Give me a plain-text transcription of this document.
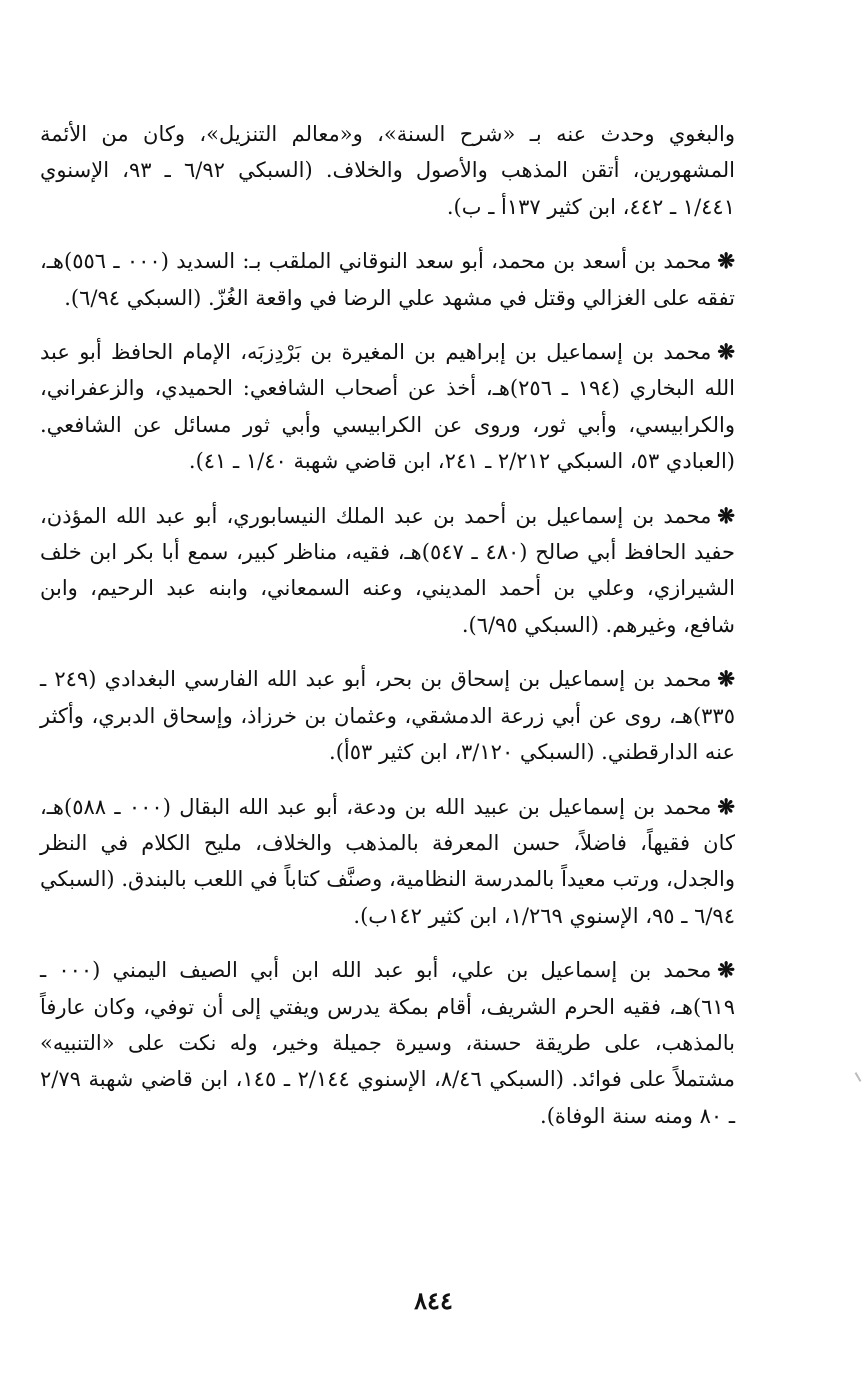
والبغوي وحدث عنه بـ «شرح السنة»، و«معالم التنزيل»، وكان من الأئمة المشهورين، أتقن المذهب والأصول والخلاف. (السبكي ٦/٩٢ ـ ٩٣، الإسنوي ١/٤٤١ ـ ٤٤٢، ابن كثير ١٣٧أ ـ ب).

❋محمد بن أسعد بن محمد، أبو سعد النوقاني الملقب بـ: السديد (٠٠٠ ـ ٥٥٦)هـ، تفقه على الغزالي وقتل في مشهد علي الرضا في واقعة الغُزّ. (السبكي ٦/٩٤).

❋محمد بن إسماعيل بن إبراهيم بن المغيرة بن بَرْدِزبَه، الإمام الحافظ أبو عبد الله البخاري (١٩٤ ـ ٢٥٦)هـ، أخذ عن أصحاب الشافعي: الحميدي، والزعفراني، والكرابيسي، وأبي ثور، وروى عن الكرابيسي وأبي ثور مسائل عن الشافعي. (العبادي ٥٣، السبكي ٢/٢١٢ ـ ٢٤١، ابن قاضي شهبة ١/٤٠ ـ ٤١).

❋محمد بن إسماعيل بن أحمد بن عبد الملك النيسابوري، أبو عبد الله المؤذن، حفيد الحافظ أبي صالح (٤٨٠ ـ ٥٤٧)هـ، فقيه، مناظر كبير، سمع أبا بكر ابن خلف الشيرازي، وعلي بن أحمد المديني، وعنه السمعاني، وابنه عبد الرحيم، وابن شافع، وغيرهم. (السبكي ٦/٩٥).

❋محمد بن إسماعيل بن إسحاق بن بحر، أبو عبد الله الفارسي البغدادي (٢٤٩ ـ ٣٣٥)هـ، روى عن أبي زرعة الدمشقي، وعثمان بن خرزاذ، وإسحاق الدبري، وأكثر عنه الدارقطني. (السبكي ٣/١٢٠، ابن كثير ٥٣أ).

❋محمد بن إسماعيل بن عبيد الله بن ودعة، أبو عبد الله البقال (٠٠٠ ـ ٥٨٨)هـ، كان فقيهاً، فاضلاً، حسن المعرفة بالمذهب والخلاف، مليح الكلام في النظر والجدل، ورتب معيداً بالمدرسة النظامية، وصنَّف كتاباً في اللعب بالبندق. (السبكي ٦/٩٤ ـ ٩٥، الإسنوي ١/٢٦٩، ابن كثير ١٤٢ب).

❋محمد بن إسماعيل بن علي، أبو عبد الله ابن أبي الصيف اليمني (٠٠٠ ـ ٦١٩)هـ، فقيه الحرم الشريف، أقام بمكة يدرس ويفتي إلى أن توفي، وكان عارفاً بالمذهب، على طريقة حسنة، وسيرة جميلة وخير، وله نكت على «التنبيه» مشتملاً على فوائد. (السبكي ٨/٤٦، الإسنوي ٢/١٤٤ ـ ١٤٥، ابن قاضي شهبة ٢/٧٩ ـ ٨٠ ومنه سنة الوفاة).

٨٤٤
